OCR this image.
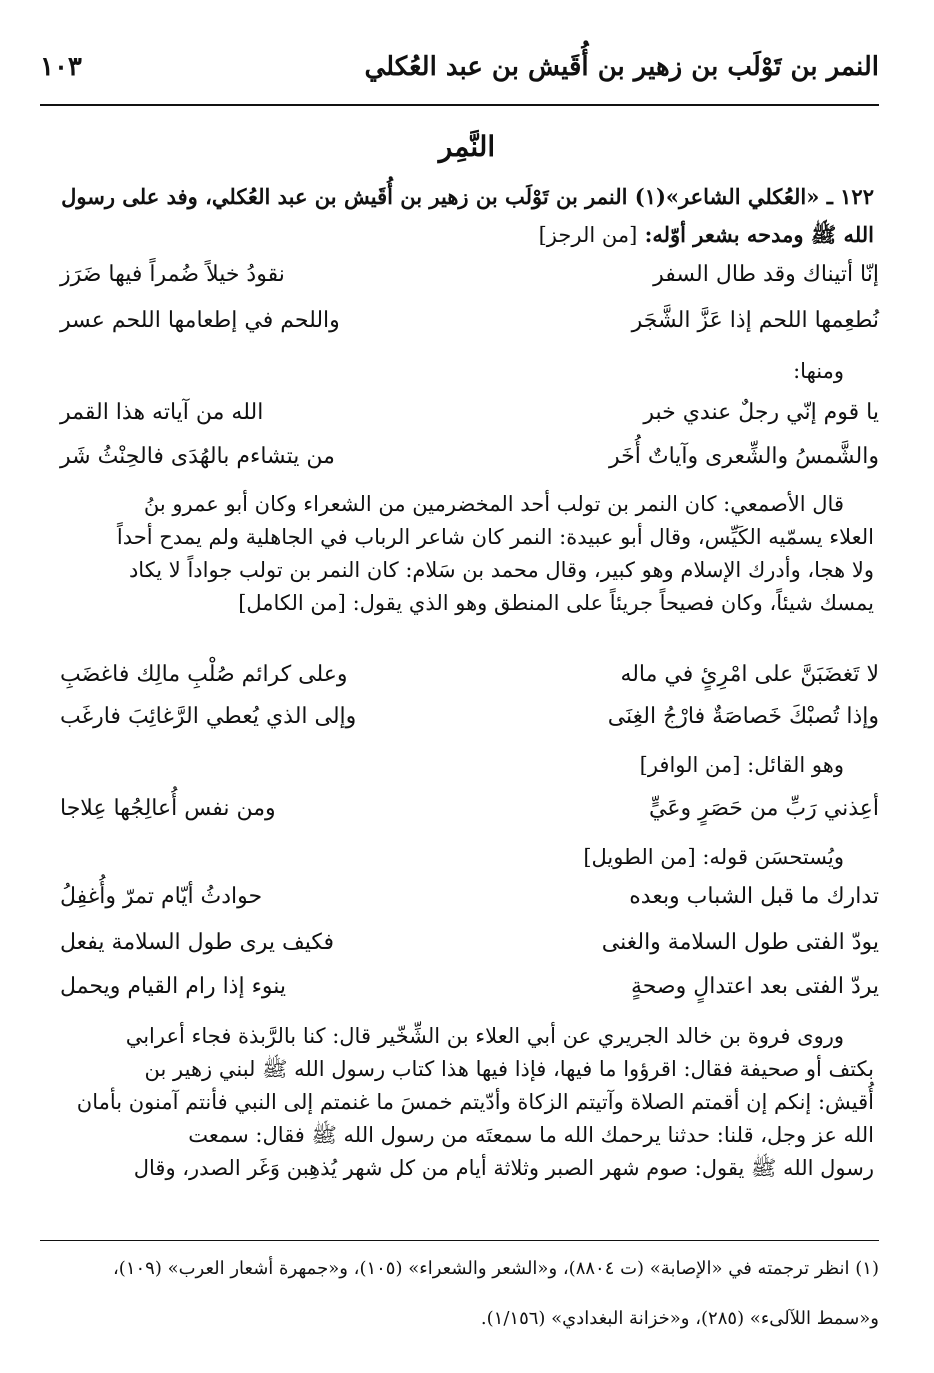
النمر بن تَوْلَب بن زهير بن أُقَيش بن عبد العُكلي
١٠٣
النَّمِر
١٢٢ ـ «العُكلي الشاعر»(١) النمر بن تَوْلَب بن زهير بن أُقَيش بن عبد العُكلي، وفد على رسول الله ﷺ ومدحه بشعر أوّله: [من الرجز]
إنّا أتيناك وقد طال السفر
نقودُ خيلاً ضُمراً فيها ضَرَز
نُطعِمها اللحم إذا عَزَّ الشَّجَر
واللحم في إطعامها اللحم عسر
ومنها:
يا قوم إنّي رجلٌ عندي خبر
الله من آياته هذا القمر
والشَّمسُ والشِّعرى وآياتٌ أُخَر
من يتشاءم بالهُدَى فالحِنْثُ شَر
قال الأصمعي: كان النمر بن تولب أحد المخضرمين من الشعراء وكان أبو عمرو بنُ
العلاء يسمّيه الكَيِّس، وقال أبو عبيدة: النمر كان شاعر الرباب في الجاهلية ولم يمدح أحداً
ولا هجا، وأدرك الإسلام وهو كبير، وقال محمد بن سَلام: كان النمر بن تولب جواداً لا يكاد
يمسك شيئاً، وكان فصيحاً جريئاً على المنطق وهو الذي يقول: [من الكامل]
لا تَغضَبَنَّ على امْرِئٍ في ماله
وعلى كرائم صُلْبِ مالِك فاغضَبِ
وإذا تُصبْكَ خَصاصَةٌ فارْجُ الغِنَى
وإلى الذي يُعطي الرَّغائِبَ فارغَب
وهو القائل: [من الوافر]
أعِذني رَبِّ من حَصَرٍ وعَيٍّ
ومن نفس أُعالِجُها عِلاجا
ويُستحسَن قوله: [من الطويل]
تدارك ما قبل الشباب وبعده
حوادثُ أيّام تمرّ وأُغفِلُ
يودّ الفتى طول السلامة والغنى
فكيف يرى طول السلامة يفعل
يردّ الفتى بعد اعتدالٍ وصحةٍ
ينوء إذا رام القيام ويحمل
وروى فروة بن خالد الجريري عن أبي العلاء بن الشِّخّير قال: كنا بالرَّبذة فجاء أعرابي
بكتف أو صحيفة فقال: اقرؤوا ما فيها، فإذا فيها هذا كتاب رسول الله ﷺ لبني زهير بن
أُقيش: إنكم إن أقمتم الصلاة وآتيتم الزكاة وأدّيتم خمسَ ما غنمتم إلى النبي فأنتم آمنون بأمان
الله عز وجل، قلنا: حدثنا يرحمك الله ما سمعتَه من رسول الله ﷺ فقال: سمعت
رسول الله ﷺ يقول: صوم شهر الصبر وثلاثة أيام من كل شهر يُذهِبن وَغَر الصدر، وقال
(١) انظر ترجمته في «الإصابة» (ت ٨٨٠٤)، و«الشعر والشعراء» (١٠٥)، و«جمهرة أشعار العرب» (١٠٩)،
و«سمط اللآلىء» (٢٨٥)، و«خزانة البغدادي» (١/١٥٦).
